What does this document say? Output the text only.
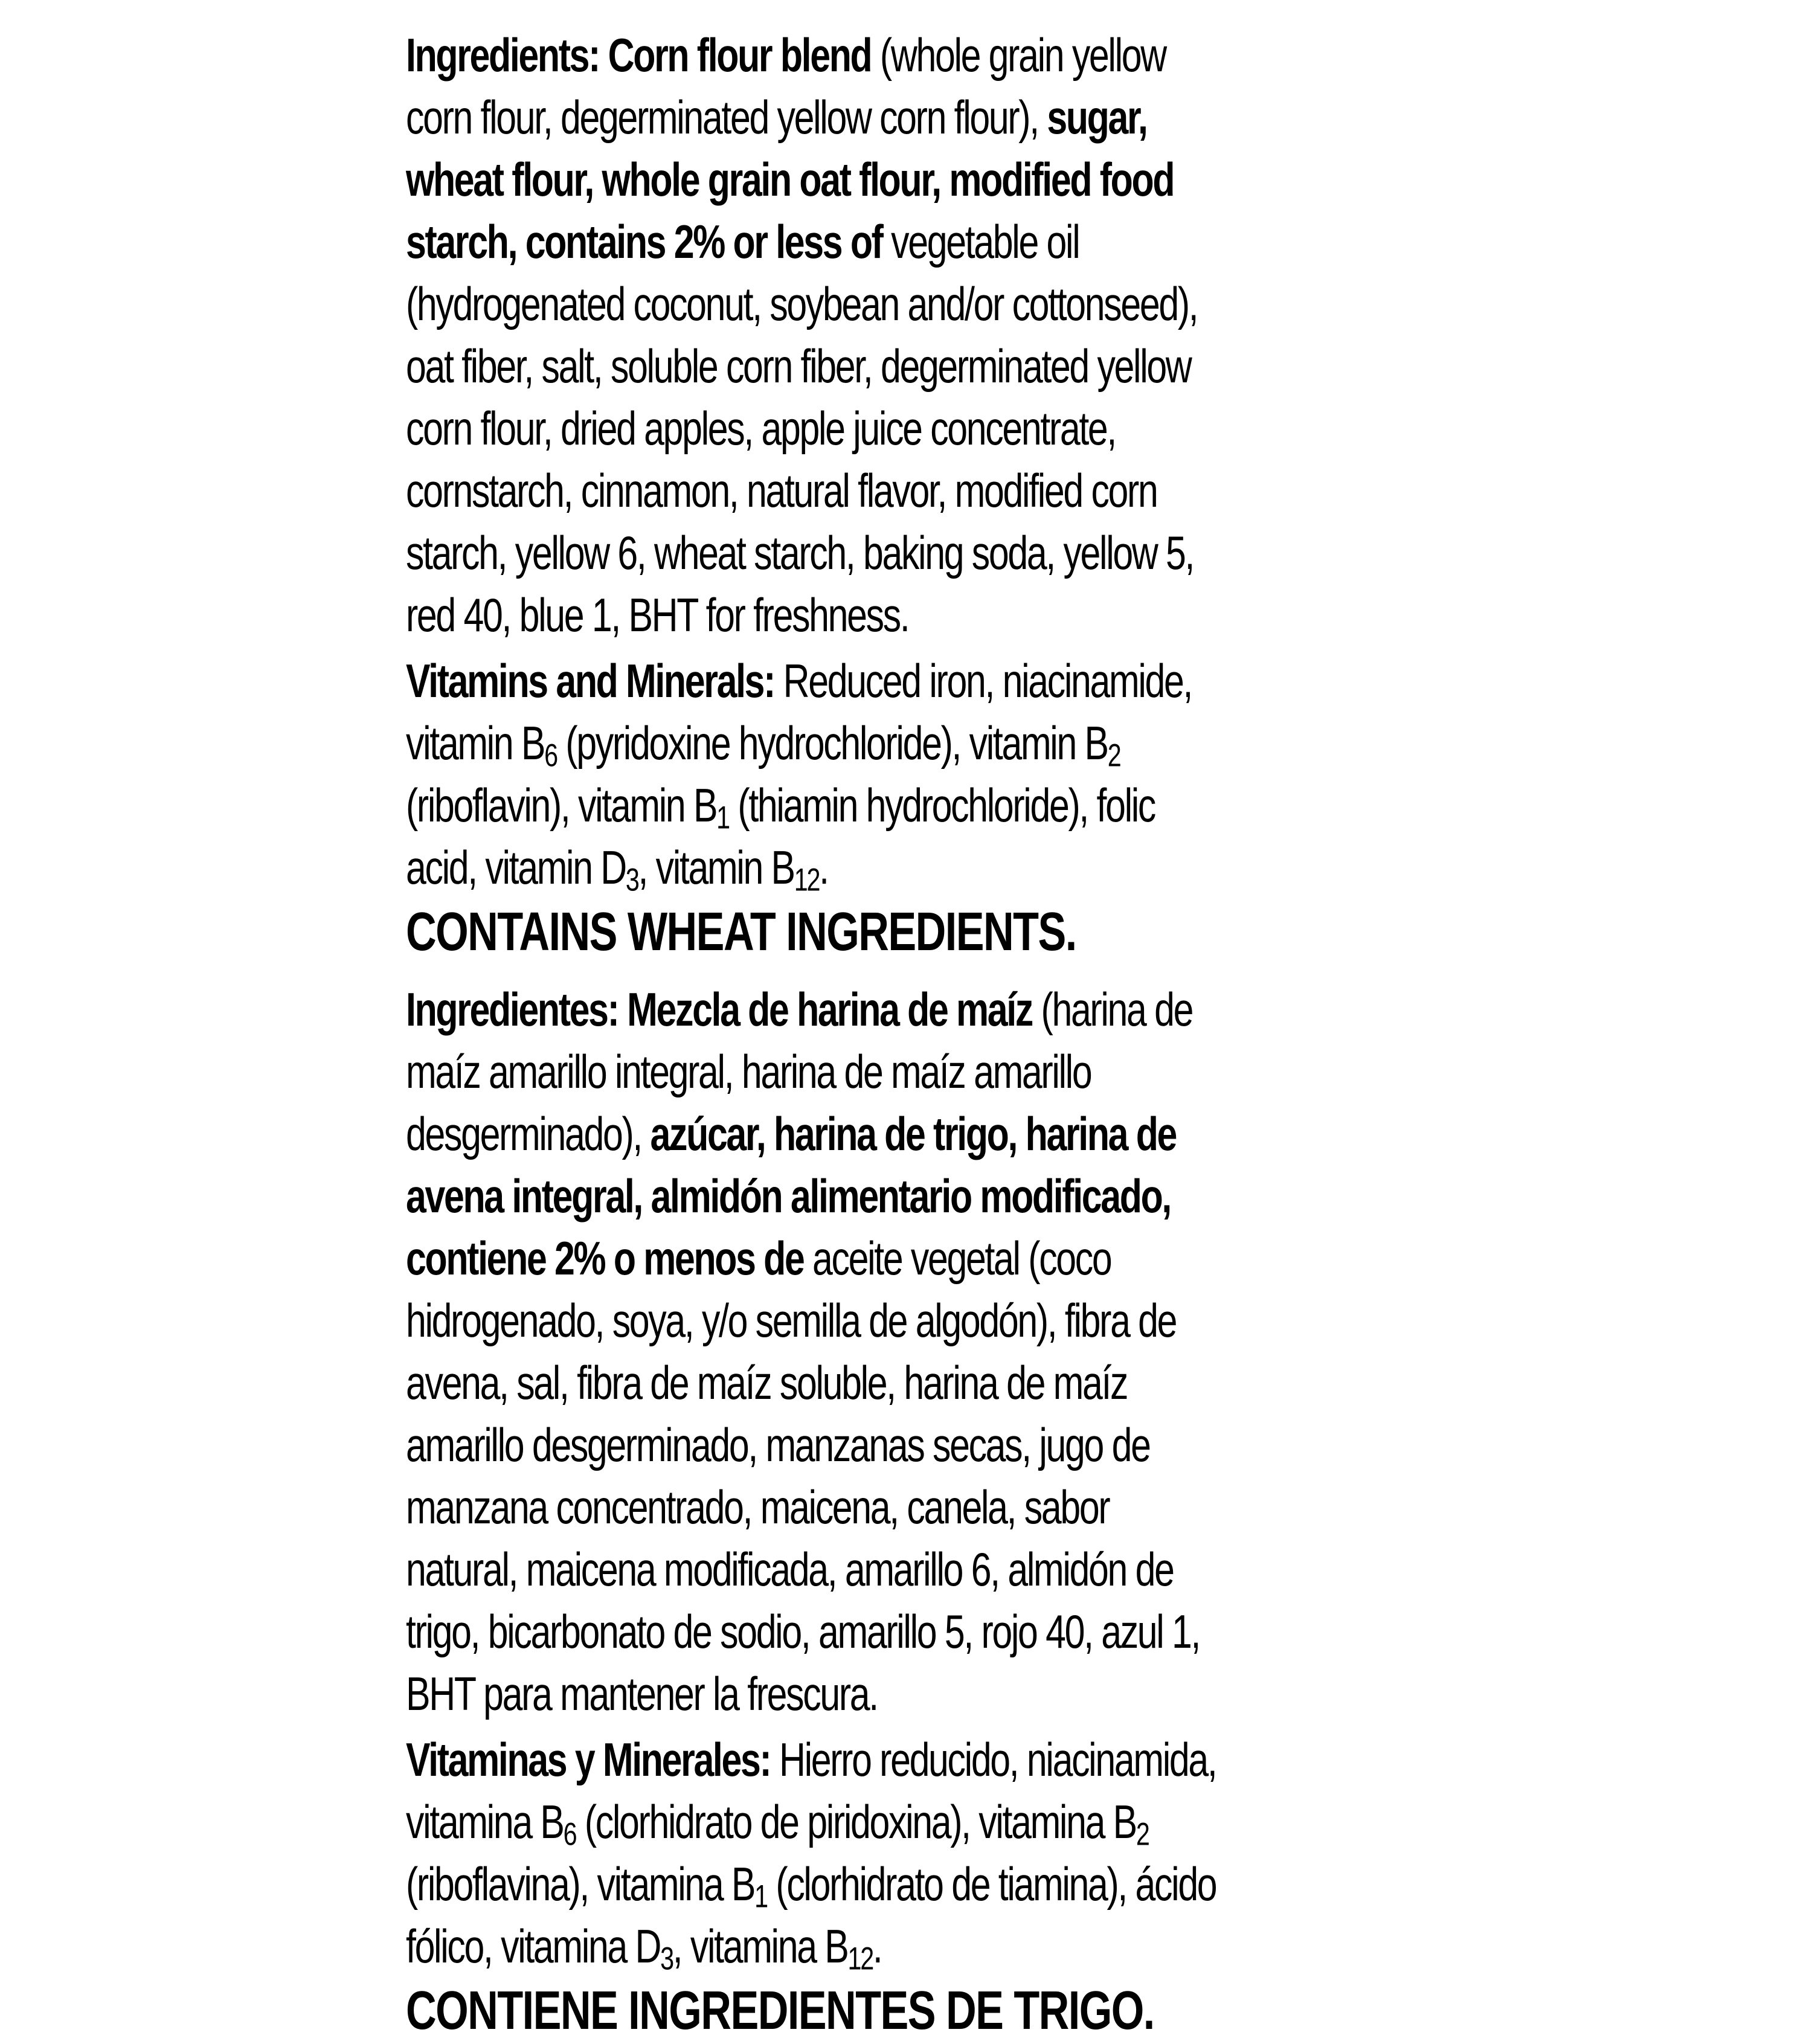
Ingredients: Corn flour blend (whole grain yellow corn flour, degerminated yellow corn flour), sugar, wheat flour, whole grain oat flour, modified food starch, contains 2% or less of vegetable oil (hydrogenated coconut, soybean and/or cottonseed), oat fiber, salt, soluble corn fiber, degerminated yellow corn flour, dried apples, apple juice concentrate, cornstarch, cinnamon, natural flavor, modified corn starch, yellow 6, wheat starch, baking soda, yellow 5, red 40, blue 1, BHT for freshness.

Vitamins and Minerals: Reduced iron, niacinamide, vitamin $B_6$ (pyridoxine hydrochloride), vitamin $B_2$ (riboflavin), vitamin $B_1$ (thiamin hydrochloride), folic acid, vitamin $D_3$, vitamin $B_{12}$.

CONTAINS WHEAT INGREDIENTS.

Ingredientes: Mezcla de harina de maíz (harina de maíz amarillo integral, harina de maíz amarillo desgerminado), azúcar, harina de trigo, harina de avena integral, almidón alimentario modificado, contiene 2% o menos de aceite vegetal (coco hidrogenado, soya, y/o semilla de algodón), fibra de avena, sal, fibra de maíz soluble, harina de maíz amarillo desgerminado, manzanas secas, jugo de manzana concentrado, maicena, canela, sabor natural, maicena modificada, amarillo 6, almidón de trigo, bicarbonato de sodio, amarillo 5, rojo 40, azul 1, BHT para mantener la frescura.

Vitaminas y Minerales: Hierro reducido, niacinamida, vitamina $B_6$ (clorhidrato de piridoxina), vitamina $B_2$ (riboflavina), vitamina $B_1$ (clorhidrato de tiamina), ácido fólico, vitamina $D_3$, vitamina $B_{12}$.

CONTIENE INGREDIENTES DE TRIGO.
